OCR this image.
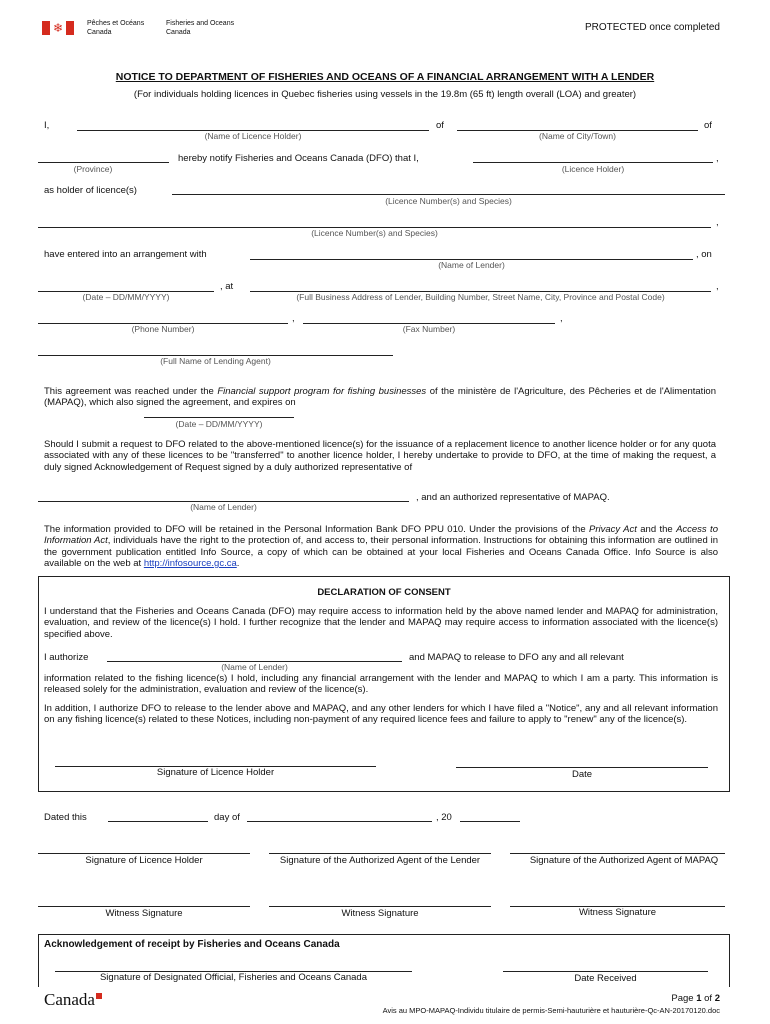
❄	Pêches et Océans
Canada
Fisheries and Oceans
Canada	PROTECTED once completed
NOTICE TO DEPARTMENT OF FISHERIES AND OCEANS OF A FINANCIAL ARRANGEMENT WITH A LENDER
(For individuals holding licences in Quebec fisheries using vessels in the 19.8m (65 ft) length overall (LOA) and greater)
I,	of	of
(Name of Licence Holder)	(Name of City/Town)
hereby notify Fisheries and Oceans Canada (DFO) that I,	,
(Province)	(Licence Holder)
as holder of licence(s)
(Licence Number(s) and Species)
,
(Licence Number(s) and Species)
have entered into an arrangement with	, on
(Name of Lender)
, at	,
(Date – DD/MM/YYYY)	(Full Business Address of Lender, Building Number, Street Name, City, Province and Postal Code)
,	,
(Phone Number)	(Fax Number)
(Full Name of Lending Agent)
This agreement was reached under the Financial support program for fishing businesses of the ministère de l'Agriculture, des Pêcheries et de l'Alimentation (MAPAQ), which also signed the agreement, and expires on
(Date – DD/MM/YYYY)
Should I submit a request to DFO related to the above-mentioned licence(s) for the issuance of a replacement licence to another licence holder or for any quota associated with any of these licences to be "transferred" to another licence holder, I hereby undertake to provide to DFO, at the time of making the request, a duly signed Acknowledgement of Request signed by a duly authorized representative of
, and an authorized representative of MAPAQ.
(Name of Lender)
The information provided to DFO will be retained in the Personal Information Bank DFO PPU 010. Under the provisions of the Privacy Act and the Access to Information Act, individuals have the right to the protection of, and access to, their personal information. Instructions for obtaining this information are outlined in the government publication entitled Info Source, a copy of which can be obtained at your local Fisheries and Oceans Canada Office. Info Source is also available on the web at http://infosource.gc.ca.
DECLARATION OF CONSENT
I understand that the Fisheries and Oceans Canada (DFO) may require access to information held by the above named lender and MAPAQ for administration, evaluation, and review of the licence(s) I hold. I further recognize that the lender and MAPAQ may require access to information associated with the licence(s) specified above.
I authorize	and MAPAQ to release to DFO any and all relevant
(Name of Lender)
information related to the fishing licence(s) I hold, including any financial arrangement with the lender and MAPAQ to which I am a party. This information is released solely for the administration, evaluation and review of the licence(s).
In addition, I authorize DFO to release to the lender above and MAPAQ, and any other lenders for which I have filed a "Notice", any and all relevant information on any fishing licence(s) related to these Notices, including non-payment of any required licence fees and failure to apply to "renew" any of the licence(s).
Signature of Licence Holder	Date
Dated this	day of	, 20
Signature of Licence Holder	Signature of the Authorized Agent of the Lender	Signature of the Authorized Agent of MAPAQ
Witness Signature	Witness Signature	Witness Signature
Acknowledgement of receipt by Fisheries and Oceans Canada
Signature of Designated Official, Fisheries and Oceans Canada	Date Received
Canada	Page 1 of 2
Avis au MPO-MAPAQ-Individu titulaire de permis-Semi-hauturière et hauturière-Qc-AN-20170120.doc
